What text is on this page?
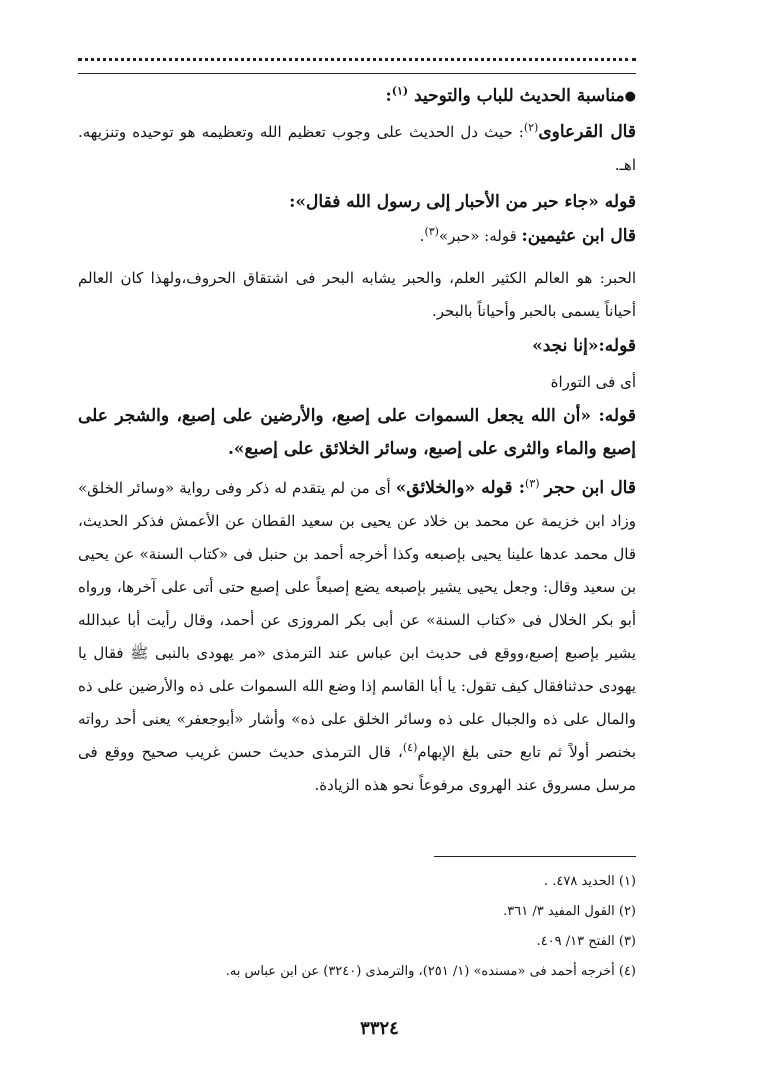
●مناسبة الحديث للباب والتوحيد $^{(١)}$:

قال القرعاوى$^{(٢)}$: حيث دل الحديث على وجوب تعظيم الله وتعظيمه هو توحيده وتنزيهه. اهـ.

قوله «جاء حبر من الأحبار إلى رسول الله فقال»:

قال ابن عثيمين: قوله: «حبر»$^{(٣)}$.

الحبر: هو العالم الكثير العلم، والحبر يشابه البحر فى اشتقاق الحروف،ولهذا كان العالم أحياناً يسمى بالحبر وأحياناً بالبحر.

قوله:«إنا نجد»

أى فى التوراة

قوله: «أن الله يجعل السموات على إصبع، والأرضين على إصبع، والشجر على إصبع والماء والثرى على إصبع، وسائر الخلائق على إصبع».

قال ابن حجر $^{(٣)}$: قوله «والخلائق» أى من لم يتقدم له ذكر وفى رواية «وسائر الخلق» وزاد ابن خزيمة عن محمد بن خلاد عن يحيى بن سعيد القطان عن الأعمش فذكر الحديث، قال محمد عدها علينا يحيى بإصبعه وكذا أخرجه أحمد بن حنبل فى «كتاب السنة» عن يحيى بن سعيد وقال: وجعل يحيى يشير بإصبعه يضع إصبعاً على إصبع حتى أتى على آخرها، ورواه أبو بكر الخلال فى «كتاب السنة» عن أبى بكر المروزى عن أحمد، وقال رأيت أبا عبدالله يشير بإصبع إصبع،ووقع فى حديث ابن عباس عند الترمذى «مر يهودى بالنبى ﷺ فقال يا يهودى حدثنافقال كيف تقول: يا أبا القاسم إذا وضع الله السموات على ذه والأرضين على ذه والمال على ذه والجبال على ذه وسائر الخلق على ذه» وأشار «أبوجعفر» يعنى أحد رواته بخنصر أولاً ثم تابع حتى بلغ الإبهام$^{(٤)}$، قال الترمذى حديث حسن غريب صحيح ووقع فى مرسل مسروق عند الهروى مرفوعاً نحو هذه الزيادة.

(١) الحديد ٤٧٨. .

(٢) القول المفيد ٣/ ٣٦١.

(٣) الفتح ١٣/ ٤٠٩.

(٤) أخرجه أحمد فى «مسنده» (١/ ٢٥١)، والترمذى (٣٢٤٠) عن ابن عباس به.

٣٣٢٤
